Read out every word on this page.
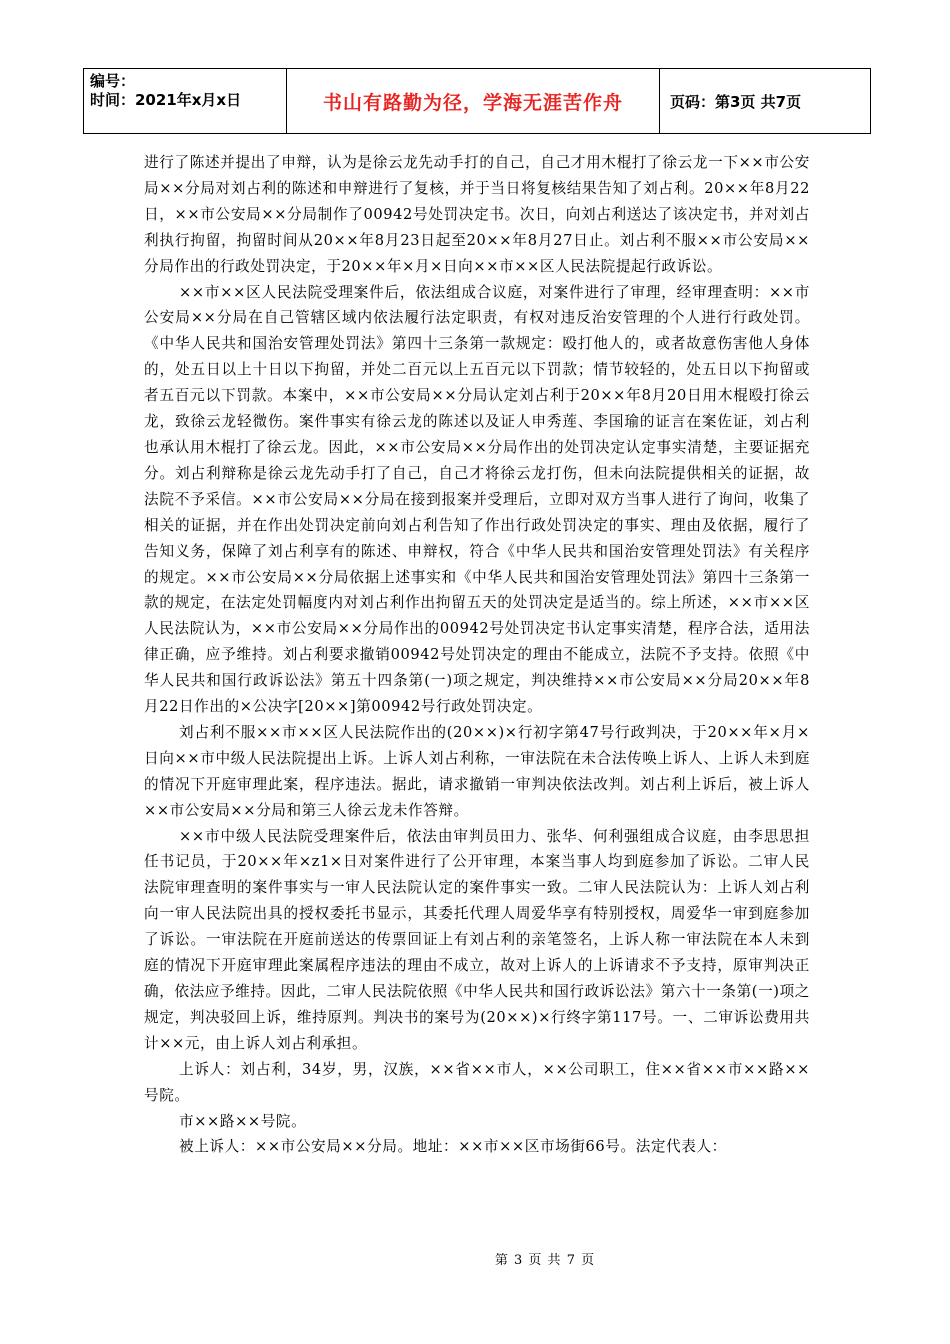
编号：
时间：2021年x月x日	书山有路勤为径，学海无涯苦作舟	页码：第3页 共7页

进行了陈述并提出了申辩，认为是徐云龙先动手打的自己，自己才用木棍打了徐云龙一下××市公安局××分局对刘占利的陈述和申辩进行了复核，并于当日将复核结果告知了刘占利。20××年8月22日，××市公安局××分局制作了00942号处罚决定书。次日，向刘占利送达了该决定书，并对刘占利执行拘留，拘留时间从20××年8月23日起至20××年8月27日止。刘占利不服××市公安局××分局作出的行政处罚决定，于20××年×月×日向××市××区人民法院提起行政诉讼。

××市××区人民法院受理案件后，依法组成合议庭，对案件进行了审理，经审理查明：××市公安局××分局在自己管辖区域内依法履行法定职责，有权对违反治安管理的个人进行行政处罚。《中华人民共和国治安管理处罚法》第四十三条第一款规定：殴打他人的，或者故意伤害他人身体的，处五日以上十日以下拘留，并处二百元以上五百元以下罚款；情节较轻的，处五日以下拘留或者五百元以下罚款。本案中，××市公安局××分局认定刘占利于20××年8月20日用木棍殴打徐云龙，致徐云龙轻微伤。案件事实有徐云龙的陈述以及证人申秀莲、李国瑜的证言在案佐证，刘占利也承认用木棍打了徐云龙。因此，××市公安局××分局作出的处罚决定认定事实清楚，主要证据充分。刘占利辩称是徐云龙先动手打了自己，自己才将徐云龙打伤，但未向法院提供相关的证据，故法院不予采信。××市公安局××分局在接到报案并受理后，立即对双方当事人进行了询问，收集了相关的证据，并在作出处罚决定前向刘占利告知了作出行政处罚决定的事实、理由及依据，履行了告知义务，保障了刘占利享有的陈述、申辩权，符合《中华人民共和国治安管理处罚法》有关程序的规定。××市公安局××分局依据上述事实和《中华人民共和国治安管理处罚法》第四十三条第一款的规定，在法定处罚幅度内对刘占利作出拘留五天的处罚决定是适当的。综上所述，××市××区人民法院认为，××市公安局××分局作出的00942号处罚决定书认定事实清楚，程序合法，适用法律正确，应予维持。刘占利要求撤销00942号处罚决定的理由不能成立，法院不予支持。依照《中华人民共和国行政诉讼法》第五十四条第(一)项之规定，判决维持××市公安局××分局20××年8月22日作出的×公决字[20××]第00942号行政处罚决定。

刘占利不服××市××区人民法院作出的(20××)×行初字第47号行政判决，于20××年×月×日向××市中级人民法院提出上诉。上诉人刘占利称，一审法院在未合法传唤上诉人、上诉人未到庭的情况下开庭审理此案，程序违法。据此，请求撤销一审判决依法改判。刘占利上诉后，被上诉人××市公安局××分局和第三人徐云龙未作答辩。

××市中级人民法院受理案件后，依法由审判员田力、张华、何利强组成合议庭，由李思思担任书记员，于20××年×z1×日对案件进行了公开审理，本案当事人均到庭参加了诉讼。二审人民法院审理查明的案件事实与一审人民法院认定的案件事实一致。二审人民法院认为：上诉人刘占利向一审人民法院出具的授权委托书显示，其委托代理人周爱华享有特别授权，周爱华一审到庭参加了诉讼。一审法院在开庭前送达的传票回证上有刘占利的亲笔签名，上诉人称一审法院在本人未到庭的情况下开庭审理此案属程序违法的理由不成立，故对上诉人的上诉请求不予支持，原审判决正确，依法应予维持。因此，二审人民法院依照《中华人民共和国行政诉讼法》第六十一条第(一)项之规定，判决驳回上诉，维持原判。判决书的案号为(20××)×行终字第117号。一、二审诉讼费用共计××元，由上诉人刘占利承担。

上诉人：刘占利，34岁，男，汉族，××省××市人，××公司职工，住××省××市××路××号院。

市××路××号院。

被上诉人：××市公安局××分局。地址：××市××区市场街66号。法定代表人：

第 3 页 共 7 页
